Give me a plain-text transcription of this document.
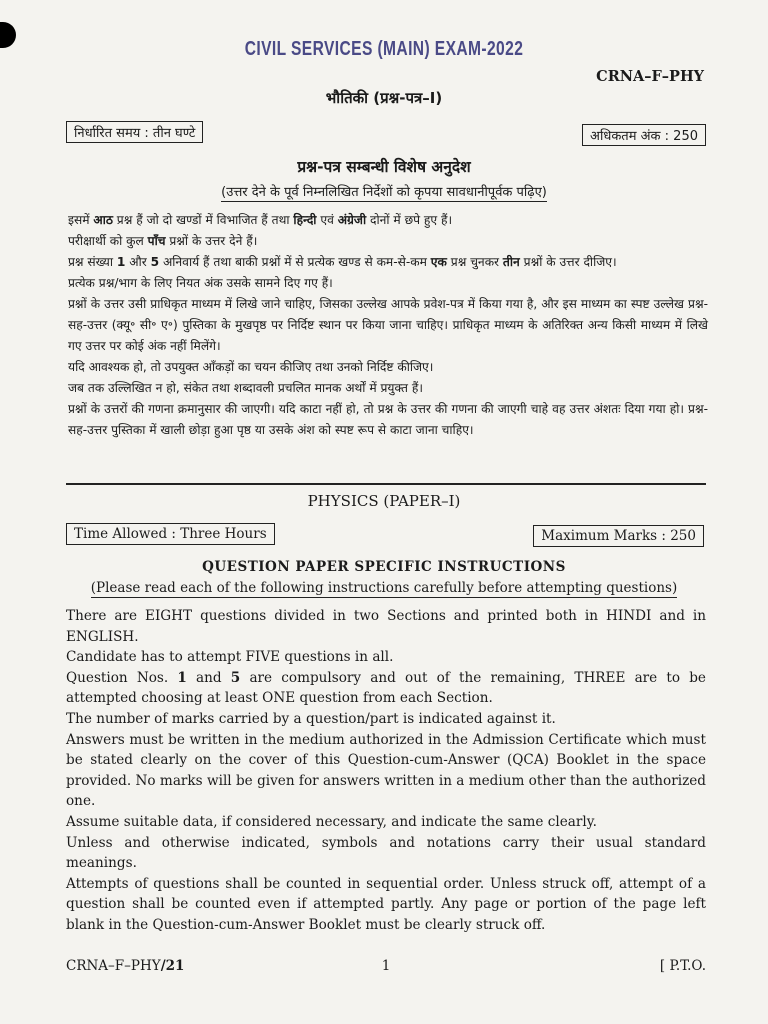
CIVIL SERVICES (MAIN) EXAM-2022
CRNA–F–PHY
भौतिकी (प्रश्न-पत्र–I)
निर्धारित समय : तीन घण्टे	अधिकतम अंक : 250
प्रश्न-पत्र सम्बन्धी विशेष अनुदेश
(उत्तर देने के पूर्व निम्नलिखित निर्देशों को कृपया सावधानीपूर्वक पढ़िए)

इसमें आठ प्रश्न हैं जो दो खण्डों में विभाजित हैं तथा हिन्दी एवं अंग्रेजी दोनों में छपे हुए हैं।

परीक्षार्थी को कुल पाँच प्रश्नों के उत्तर देने हैं।

प्रश्न संख्या 1 और 5 अनिवार्य हैं तथा बाकी प्रश्नों में से प्रत्येक खण्ड से कम-से-कम एक प्रश्न चुनकर तीन प्रश्नों के उत्तर दीजिए।

प्रत्येक प्रश्न/भाग के लिए नियत अंक उसके सामने दिए गए हैं।

प्रश्नों के उत्तर उसी प्राधिकृत माध्यम में लिखे जाने चाहिए, जिसका उल्लेख आपके प्रवेश-पत्र में किया गया है, और इस माध्यम का स्पष्ट उल्लेख प्रश्न-सह-उत्तर (क्यू॰ सी॰ ए॰) पुस्तिका के मुखपृष्ठ पर निर्दिष्ट स्थान पर किया जाना चाहिए। प्राधिकृत माध्यम के अतिरिक्त अन्य किसी माध्यम में लिखे गए उत्तर पर कोई अंक नहीं मिलेंगे।

यदि आवश्यक हो, तो उपयुक्त आँकड़ों का चयन कीजिए तथा उनको निर्दिष्ट कीजिए।

जब तक उल्लिखित न हो, संकेत तथा शब्दावली प्रचलित मानक अर्थों में प्रयुक्त हैं।

प्रश्नों के उत्तरों की गणना क्रमानुसार की जाएगी। यदि काटा नहीं हो, तो प्रश्न के उत्तर की गणना की जाएगी चाहे वह उत्तर अंशतः दिया गया हो। प्रश्न-सह-उत्तर पुस्तिका में खाली छोड़ा हुआ पृष्ठ या उसके अंश को स्पष्ट रूप से काटा जाना चाहिए।

PHYSICS (PAPER–I)
Time Allowed : Three Hours	Maximum Marks : 250
QUESTION PAPER SPECIFIC INSTRUCTIONS
(Please read each of the following instructions carefully before attempting questions)

There are EIGHT questions divided in two Sections and printed both in HINDI and in ENGLISH.

Candidate has to attempt FIVE questions in all.

Question Nos. 1 and 5 are compulsory and out of the remaining, THREE are to be attempted choosing at least ONE question from each Section.

The number of marks carried by a question/part is indicated against it.

Answers must be written in the medium authorized in the Admission Certificate which must be stated clearly on the cover of this Question-cum-Answer (QCA) Booklet in the space provided. No marks will be given for answers written in a medium other than the authorized one.

Assume suitable data, if considered necessary, and indicate the same clearly.

Unless and otherwise indicated, symbols and notations carry their usual standard meanings.

Attempts of questions shall be counted in sequential order. Unless struck off, attempt of a question shall be counted even if attempted partly. Any page or portion of the page left blank in the Question-cum-Answer Booklet must be clearly struck off.

CRNA–F–PHY/21	1	[ P.T.O.
